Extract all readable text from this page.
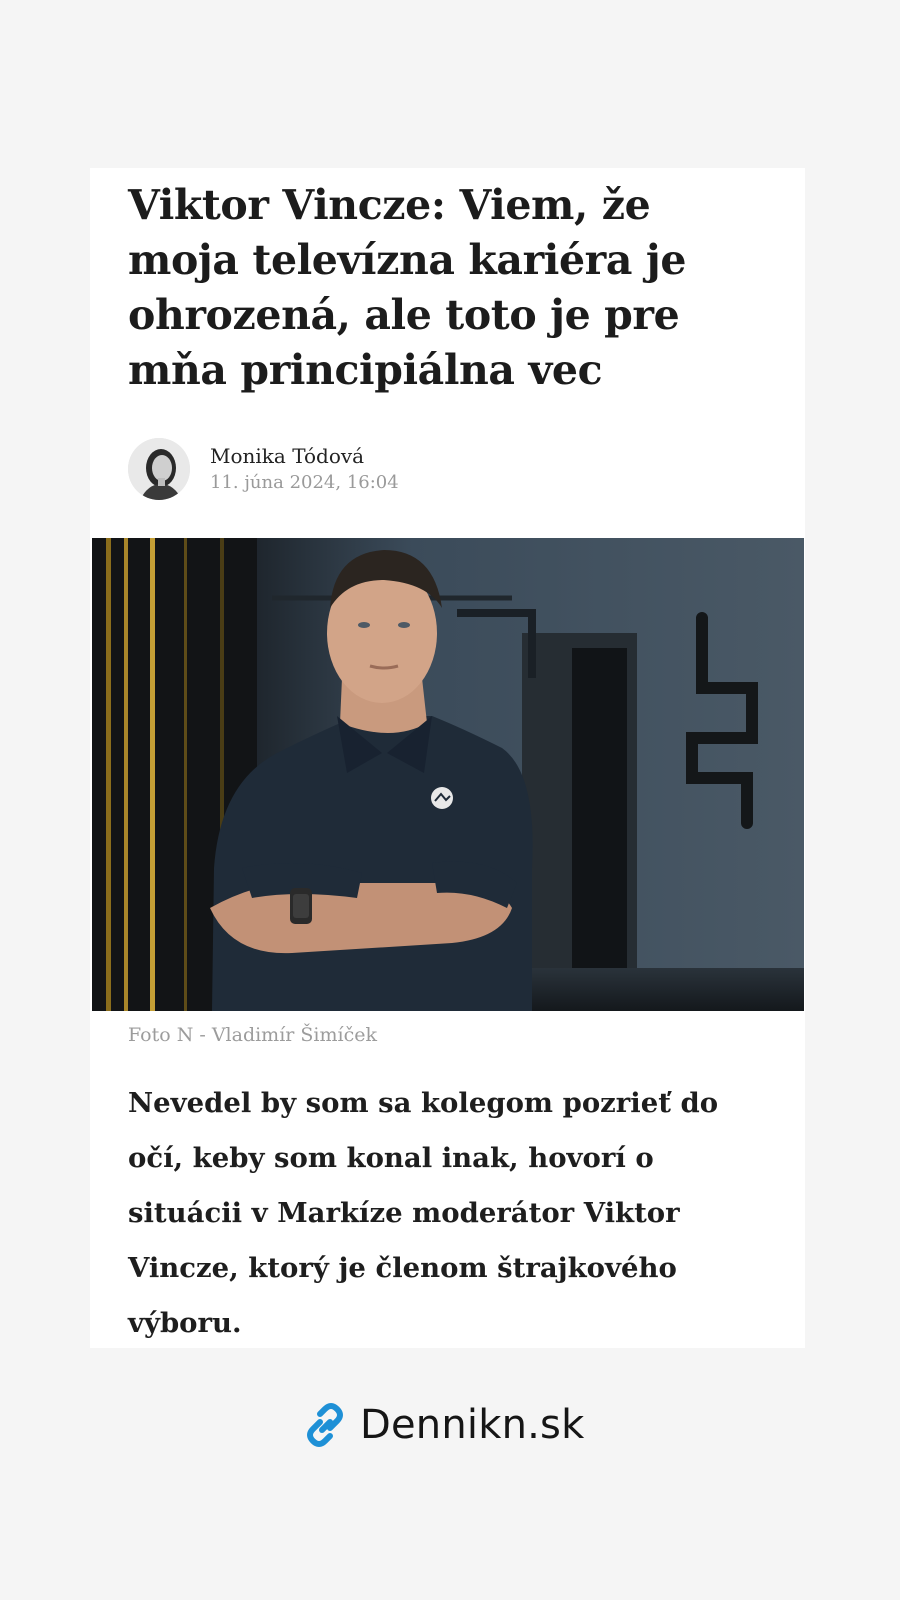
Viktor Vincze: Viem, že moja televízna kariéra je ohrozená, ale toto je pre mňa principiálna vec
Monika Tódová
11. júna 2024, 16:04
Foto N - Vladimír Šimíček

Nevedel by som sa kolegom pozrieť do očí, keby som konal inak, hovorí o situácii v Markíze moderátor Viktor Vincze, ktorý je členom štrajkového výboru.

Dennikn.sk
